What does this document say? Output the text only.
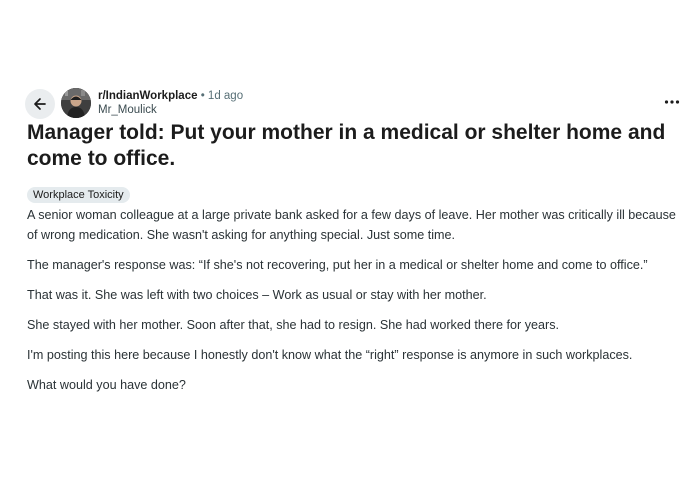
r/IndianWorkplace • 1d ago
Mr_Moulick
Manager told: Put your mother in a medical or shelter home and come to office.
Workplace Toxicity

A senior woman colleague at a large private bank asked for a few days of leave. Her mother was critically ill because of wrong medication. She wasn't asking for anything special. Just some time.

The manager's response was: “If she's not recovering, put her in a medical or shelter home and come to office.”

That was it. She was left with two choices – Work as usual or stay with her mother.

She stayed with her mother. Soon after that, she had to resign. She had worked there for years.

I'm posting this here because I honestly don't know what the “right” response is anymore in such workplaces.

What would you have done?
